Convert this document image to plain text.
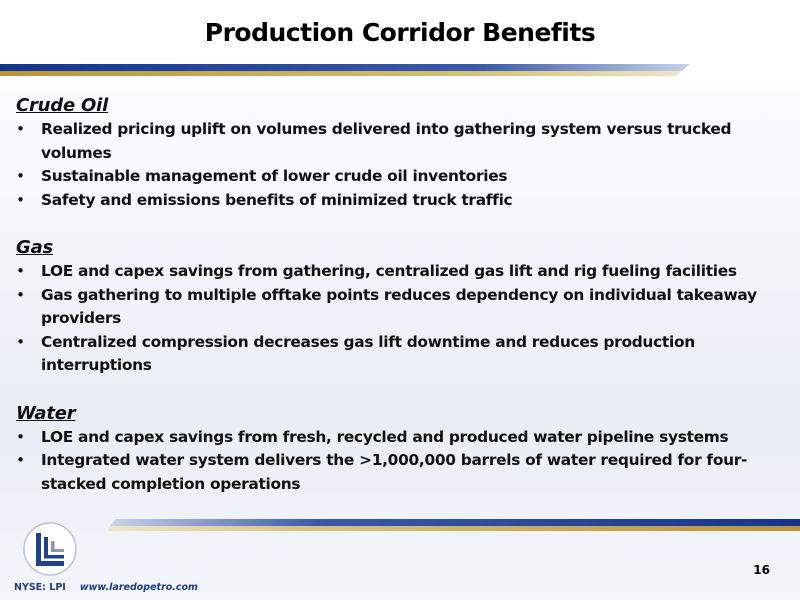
Production Corridor Benefits
Crude Oil
• Realized pricing uplift on volumes delivered into gathering system versus trucked volumes
• Sustainable management of lower crude oil inventories
• Safety and emissions benefits of minimized truck traffic
Gas
• LOE and capex savings from gathering, centralized gas lift and rig fueling facilities
• Gas gathering to multiple offtake points reduces dependency on individual takeaway providers
• Centralized compression decreases gas lift downtime and reduces production interruptions
Water
• LOE and capex savings from fresh, recycled and produced water pipeline systems
• Integrated water system delivers the >1,000,000 barrels of water required for four-stacked completion operations
NYSE: LPI www.laredopetro.com
16
